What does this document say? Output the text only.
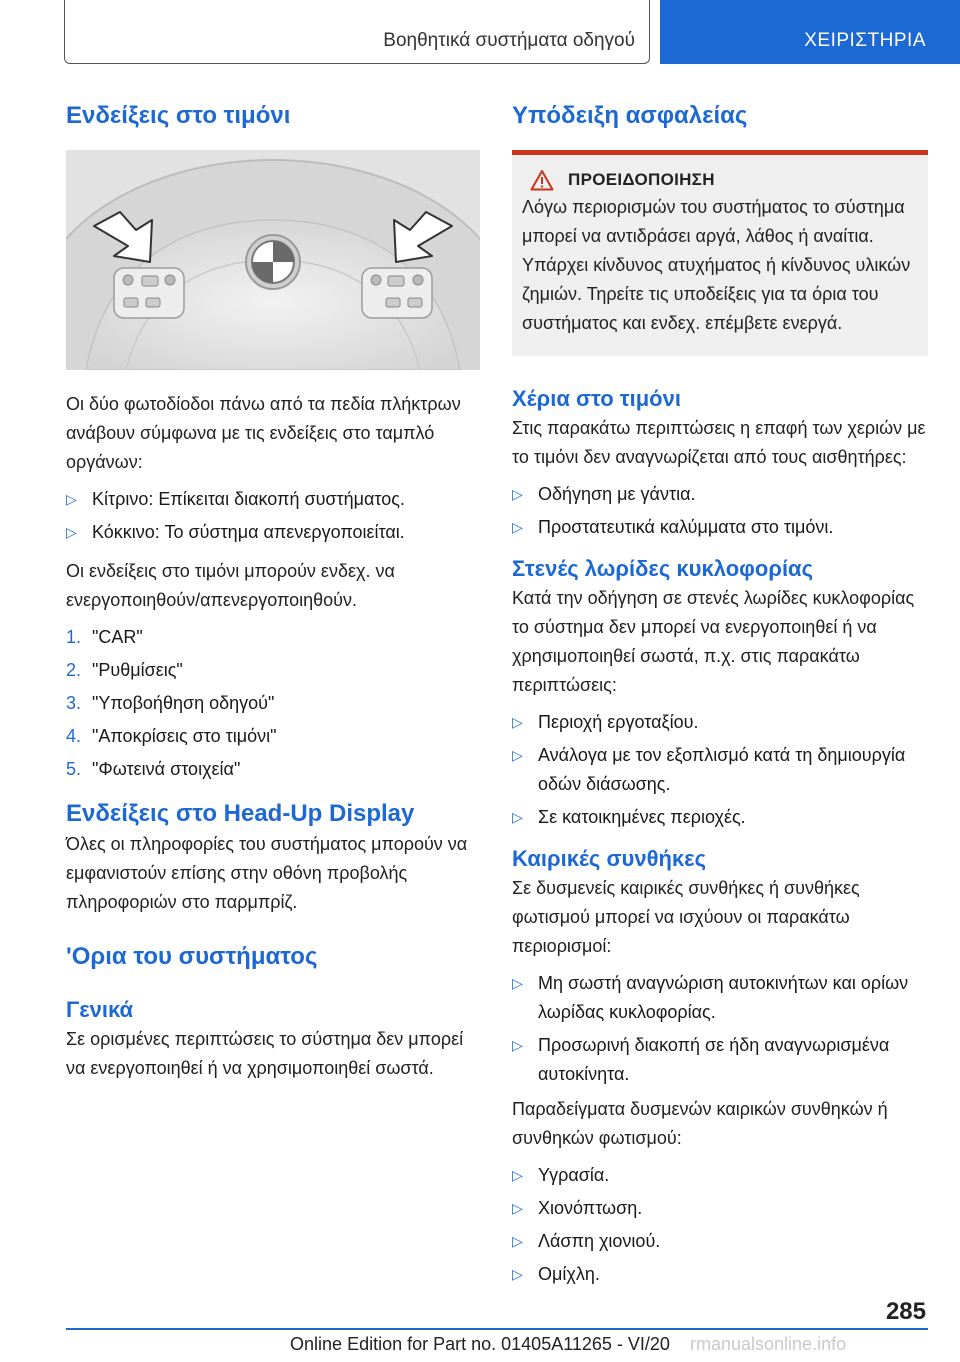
Βοηθητικά συστήματα οδηγού	ΧΕΙΡΙΣΤΗΡΙΑ
Ενδείξεις στο τιμόνι

Οι δύο φωτοδίοδοι πάνω από τα πεδία πλήκτρων ανάβουν σύμφωνα με τις ενδείξεις στο ταμπλό οργάνων:

▷ Κίτρινο: Επίκειται διακοπή συστήματος.
▷ Κόκκινο: Το σύστημα απενεργοποιείται.

Οι ενδείξεις στο τιμόνι μπορούν ενδεχ. να ενεργοποιηθούν/απενεργοποιηθούν.

1. "CAR"
2. "Ρυθμίσεις"
3. "Υποβοήθηση οδηγού"
4. "Αποκρίσεις στο τιμόνι"
5. "Φωτεινά στοιχεία"
Ενδείξεις στο Head-Up Display

Όλες οι πληροφορίες του συστήματος μπορούν να εμφανιστούν επίσης στην οθόνη προβολής πληροφοριών στο παρμπρίζ.

'Ορια του συστήματος
Γενικά

Σε ορισμένες περιπτώσεις το σύστημα δεν μπορεί να ενεργοποιηθεί ή να χρησιμοποιηθεί σωστά.

Υπόδειξη ασφαλείας
ΠΡΟΕΙΔΟΠΟΙΗΣΗ

Λόγω περιορισμών του συστήματος το σύστημα μπορεί να αντιδράσει αργά, λάθος ή αναίτια. Υπάρχει κίνδυνος ατυχήματος ή κίνδυνος υλικών ζημιών. Τηρείτε τις υποδείξεις για τα όρια του συστήματος και ενδεχ. επέμβετε ενεργά.

Χέρια στο τιμόνι

Στις παρακάτω περιπτώσεις η επαφή των χεριών με το τιμόνι δεν αναγνωρίζεται από τους αισθητήρες:

▷ Οδήγηση με γάντια.
▷ Προστατευτικά καλύμματα στο τιμόνι.
Στενές λωρίδες κυκλοφορίας

Κατά την οδήγηση σε στενές λωρίδες κυκλοφορίας το σύστημα δεν μπορεί να ενεργοποιηθεί ή να χρησιμοποιηθεί σωστά, π.χ. στις παρακάτω περιπτώσεις:

▷ Περιοχή εργοταξίου.
▷ Ανάλογα με τον εξοπλισμό κατά τη δημιουργία οδών διάσωσης.
▷ Σε κατοικημένες περιοχές.
Καιρικές συνθήκες

Σε δυσμενείς καιρικές συνθήκες ή συνθήκες φωτισμού μπορεί να ισχύουν οι παρακάτω περιορισμοί:

▷ Μη σωστή αναγνώριση αυτοκινήτων και ορίων λωρίδας κυκλοφορίας.
▷ Προσωρινή διακοπή σε ήδη αναγνωρισμένα αυτοκίνητα.

Παραδείγματα δυσμενών καιρικών συνθηκών ή συνθηκών φωτισμού:

▷ Υγρασία.
▷ Χιονόπτωση.
▷ Λάσπη χιονιού.
▷ Ομίχλη.
285
Online Edition for Part no. 01405A11265 - VI/20	rmanualsonline.info
